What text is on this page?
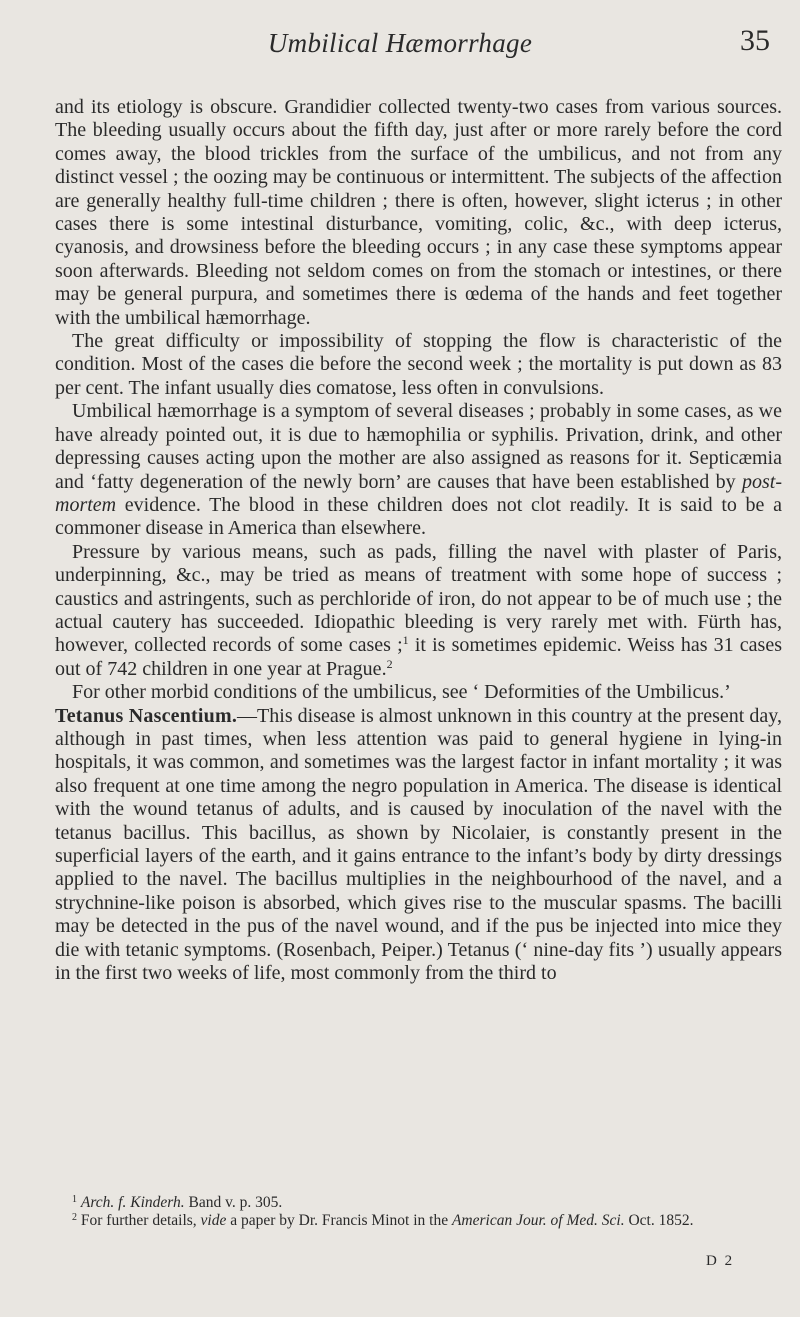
Umbilical Hæmorrhage	35

and its etiology is obscure. Grandidier collected twenty-two cases from various sources. The bleeding usually occurs about the fifth day, just after or more rarely before the cord comes away, the blood trickles from the surface of the umbilicus, and not from any distinct vessel ; the oozing may be continuous or intermittent. The subjects of the affection are generally healthy full-time children ; there is often, however, slight icterus ; in other cases there is some intestinal disturbance, vomiting, colic, &c., with deep icterus, cyanosis, and drowsiness before the bleeding occurs ; in any case these symptoms appear soon afterwards. Bleeding not seldom comes on from the stomach or intestines, or there may be general purpura, and sometimes there is œdema of the hands and feet together with the umbilical hæmorrhage.

The great difficulty or impossibility of stopping the flow is characteristic of the condition. Most of the cases die before the second week ; the mortality is put down as 83 per cent. The infant usually dies comatose, less often in convulsions.

Umbilical hæmorrhage is a symptom of several diseases ; probably in some cases, as we have already pointed out, it is due to hæmophilia or syphilis. Privation, drink, and other depressing causes acting upon the mother are also assigned as reasons for it. Septicæmia and ‘fatty degeneration of the newly born’ are causes that have been established by post-mortem evidence. The blood in these children does not clot readily. It is said to be a commoner disease in America than elsewhere.

Pressure by various means, such as pads, filling the navel with plaster of Paris, underpinning, &c., may be tried as means of treatment with some hope of success ; caustics and astringents, such as perchloride of iron, do not appear to be of much use ; the actual cautery has succeeded. Idiopathic bleeding is very rarely met with. Fürth has, however, collected records of some cases ;$^1$ it is sometimes epidemic. Weiss has 31 cases out of 742 children in one year at Prague.$^2$

For other morbid conditions of the umbilicus, see ‘ Deformities of the Umbilicus.’

Tetanus Nascentium.—This disease is almost unknown in this country at the present day, although in past times, when less attention was paid to general hygiene in lying-in hospitals, it was common, and sometimes was the largest factor in infant mortality ; it was also frequent at one time among the negro population in America. The disease is identical with the wound tetanus of adults, and is caused by inoculation of the navel with the tetanus bacillus. This bacillus, as shown by Nicolaier, is constantly present in the superficial layers of the earth, and it gains entrance to the infant’s body by dirty dressings applied to the navel. The bacillus multiplies in the neighbourhood of the navel, and a strychnine-like poison is absorbed, which gives rise to the muscular spasms. The bacilli may be detected in the pus of the navel wound, and if the pus be injected into mice they die with tetanic symptoms. (Rosenbach, Peiper.) Tetanus (‘ nine-day fits ’) usually appears in the first two weeks of life, most commonly from the third to

$^1$ Arch. f. Kinderh. Band v. p. 305.

$^2$ For further details, vide a paper by Dr. Francis Minot in the American Jour. of Med. Sci. Oct. 1852.

D 2
